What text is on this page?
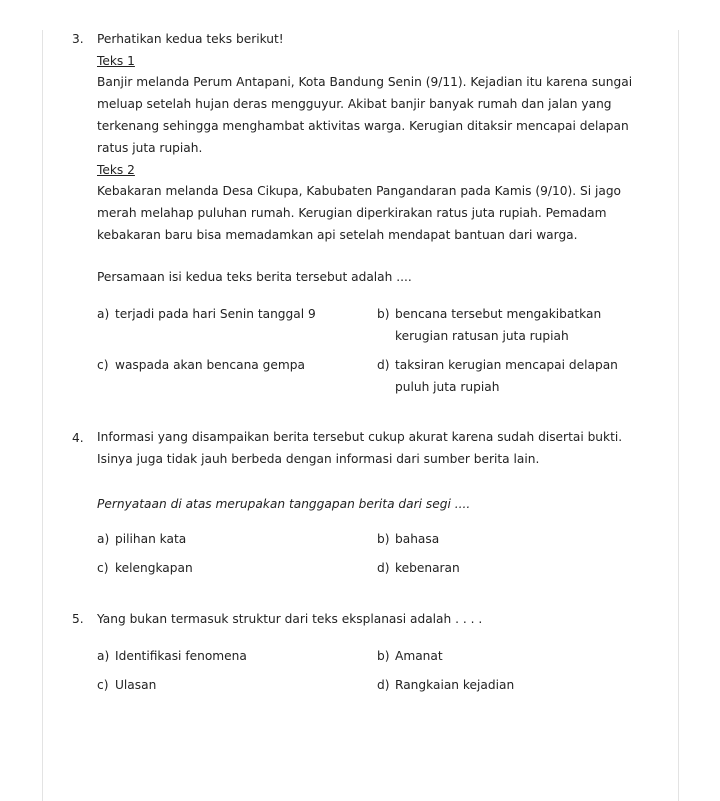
3. Perhatikan kedua teks berikut!
Teks 1
Banjir melanda Perum Antapani, Kota Bandung Senin (9/11). Kejadian itu karena sungai meluap setelah hujan deras mengguyur. Akibat banjir banyak rumah dan jalan yang terkenang sehingga menghambat aktivitas warga. Kerugian ditaksir mencapai delapan ratus juta rupiah.
Teks 2
Kebakaran melanda Desa Cikupa, Kabubaten Pangandaran pada Kamis (9/10). Si jago merah melahap puluhan rumah. Kerugian diperkirakan ratus juta rupiah. Pemadam kebakaran baru bisa memadamkan api setelah mendapat bantuan dari warga.
Persamaan isi kedua teks berita tersebut adalah ....
a) terjadi pada hari Senin tanggal 9	b) bencana tersebut mengakibatkan kerugian ratusan juta rupiah
c) waspada akan bencana gempa	d) taksiran kerugian mencapai delapan puluh juta rupiah
4. Informasi yang disampaikan berita tersebut cukup akurat karena sudah disertai bukti. Isinya juga tidak jauh berbeda dengan informasi dari sumber berita lain.
Pernyataan di atas merupakan tanggapan berita dari segi ....
a) pilihan kata	b) bahasa
c) kelengkapan	d) kebenaran
5. Yang bukan termasuk struktur dari teks eksplanasi adalah . . . .
a) Identifikasi fenomena	b) Amanat
c) Ulasan	d) Rangkaian kejadian
